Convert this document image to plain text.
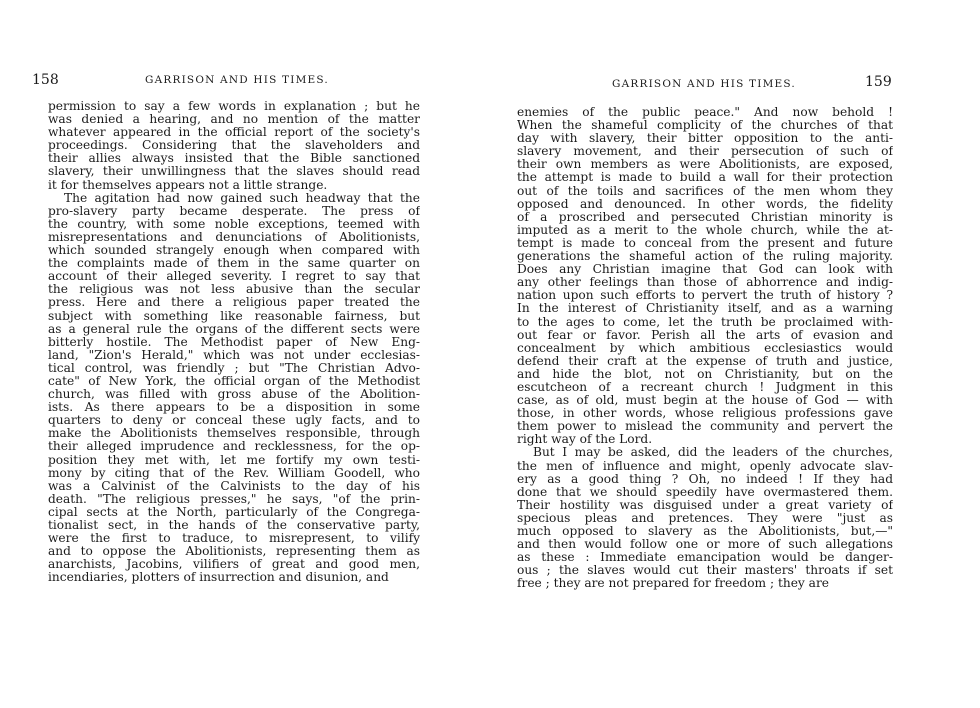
158	GARRISON AND HIS TIMES.
permission to say a few words in explanation ; but he
was denied a hearing, and no mention of the matter
whatever appeared in the official report of the society's
proceedings. Considering that the slaveholders and
their allies always insisted that the Bible sanctioned
slavery, their unwillingness that the slaves should read
it for themselves appears not a little strange.
The agitation had now gained such headway that the
pro-slavery party became desperate. The press of
the country, with some noble exceptions, teemed with
misrepresentations and denunciations of Abolitionists,
which sounded strangely enough when compared with
the complaints made of them in the same quarter on
account of their alleged severity. I regret to say that
the religious was not less abusive than the secular
press. Here and there a religious paper treated the
subject with something like reasonable fairness, but
as a general rule the organs of the different sects were
bitterly hostile. The Methodist paper of New Eng-
land, "Zion's Herald," which was not under ecclesias-
tical control, was friendly ; but "The Christian Advo-
cate" of New York, the official organ of the Methodist
church, was filled with gross abuse of the Abolition-
ists. As there appears to be a disposition in some
quarters to deny or conceal these ugly facts, and to
make the Abolitionists themselves responsible, through
their alleged imprudence and recklessness, for the op-
position they met with, let me fortify my own testi-
mony by citing that of the Rev. William Goodell, who
was a Calvinist of the Calvinists to the day of his
death. "The religious presses," he says, "of the prin-
cipal sects at the North, particularly of the Congrega-
tionalist sect, in the hands of the conservative party,
were the first to traduce, to misrepresent, to vilify
and to oppose the Abolitionists, representing them as
anarchists, Jacobins, vilifiers of great and good men,
incendiaries, plotters of insurrection and disunion, and
GARRISON AND HIS TIMES.	159
enemies of the public peace." And now behold !
When the shameful complicity of the churches of that
day with slavery, their bitter opposition to the anti-
slavery movement, and their persecution of such of
their own members as were Abolitionists, are exposed,
the attempt is made to build a wall for their protection
out of the toils and sacrifices of the men whom they
opposed and denounced. In other words, the fidelity
of a proscribed and persecuted Christian minority is
imputed as a merit to the whole church, while the at-
tempt is made to conceal from the present and future
generations the shameful action of the ruling majority.
Does any Christian imagine that God can look with
any other feelings than those of abhorrence and indig-
nation upon such efforts to pervert the truth of history ?
In the interest of Christianity itself, and as a warning
to the ages to come, let the truth be proclaimed with-
out fear or favor. Perish all the arts of evasion and
concealment by which ambitious ecclesiastics would
defend their craft at the expense of truth and justice,
and hide the blot, not on Christianity, but on the
escutcheon of a recreant church ! Judgment in this
case, as of old, must begin at the house of God — with
those, in other words, whose religious professions gave
them power to mislead the community and pervert the
right way of the Lord.
But I may be asked, did the leaders of the churches,
the men of influence and might, openly advocate slav-
ery as a good thing ? Oh, no indeed ! If they had
done that we should speedily have overmastered them.
Their hostility was disguised under a great variety of
specious pleas and pretences. They were "just as
much opposed to slavery as the Abolitionists, but,—"
and then would follow one or more of such allegations
as these : Immediate emancipation would be danger-
ous ; the slaves would cut their masters' throats if set
free ; they are not prepared for freedom ; they are
